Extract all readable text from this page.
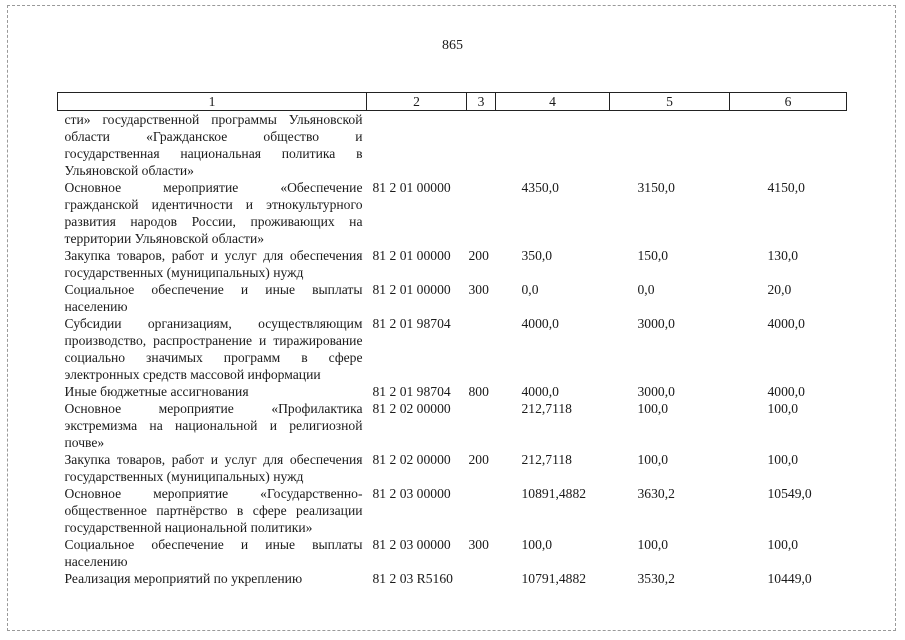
865
1	2	3	4	5	6
сти» государственной программы Ульяновской области «Гражданское общество и государственная национальная политика в Ульяновской области»					
Основное мероприятие «Обеспечение гражданской идентичности и этнокультурного развития народов России, проживающих на территории Ульяновской области»	81 2 01 00000		4350,0	3150,0	4150,0
Закупка товаров, работ и услуг для обеспечения государственных (муниципальных) нужд	81 2 01 00000	200	350,0	150,0	130,0
Социальное обеспечение и иные выплаты населению	81 2 01 00000	300	0,0	0,0	20,0
Субсидии организациям, осуществляющим производство, распространение и тиражирование социально значимых программ в сфере электронных средств массовой информации	81 2 01 98704		4000,0	3000,0	4000,0
Иные бюджетные ассигнования	81 2 01 98704	800	4000,0	3000,0	4000,0
Основное мероприятие «Профилактика экстремизма на национальной и религиозной почве»	81 2 02 00000		212,7118	100,0	100,0
Закупка товаров, работ и услуг для обеспечения государственных (муниципальных) нужд	81 2 02 00000	200	212,7118	100,0	100,0
Основное мероприятие «Государственно-общественное партнёрство в сфере реализации государственной национальной политики»	81 2 03 00000		10891,4882	3630,2	10549,0
Социальное обеспечение и иные выплаты населению	81 2 03 00000	300	100,0	100,0	100,0
Реализация мероприятий по укреплению	81 2 03 R5160		10791,4882	3530,2	10449,0
